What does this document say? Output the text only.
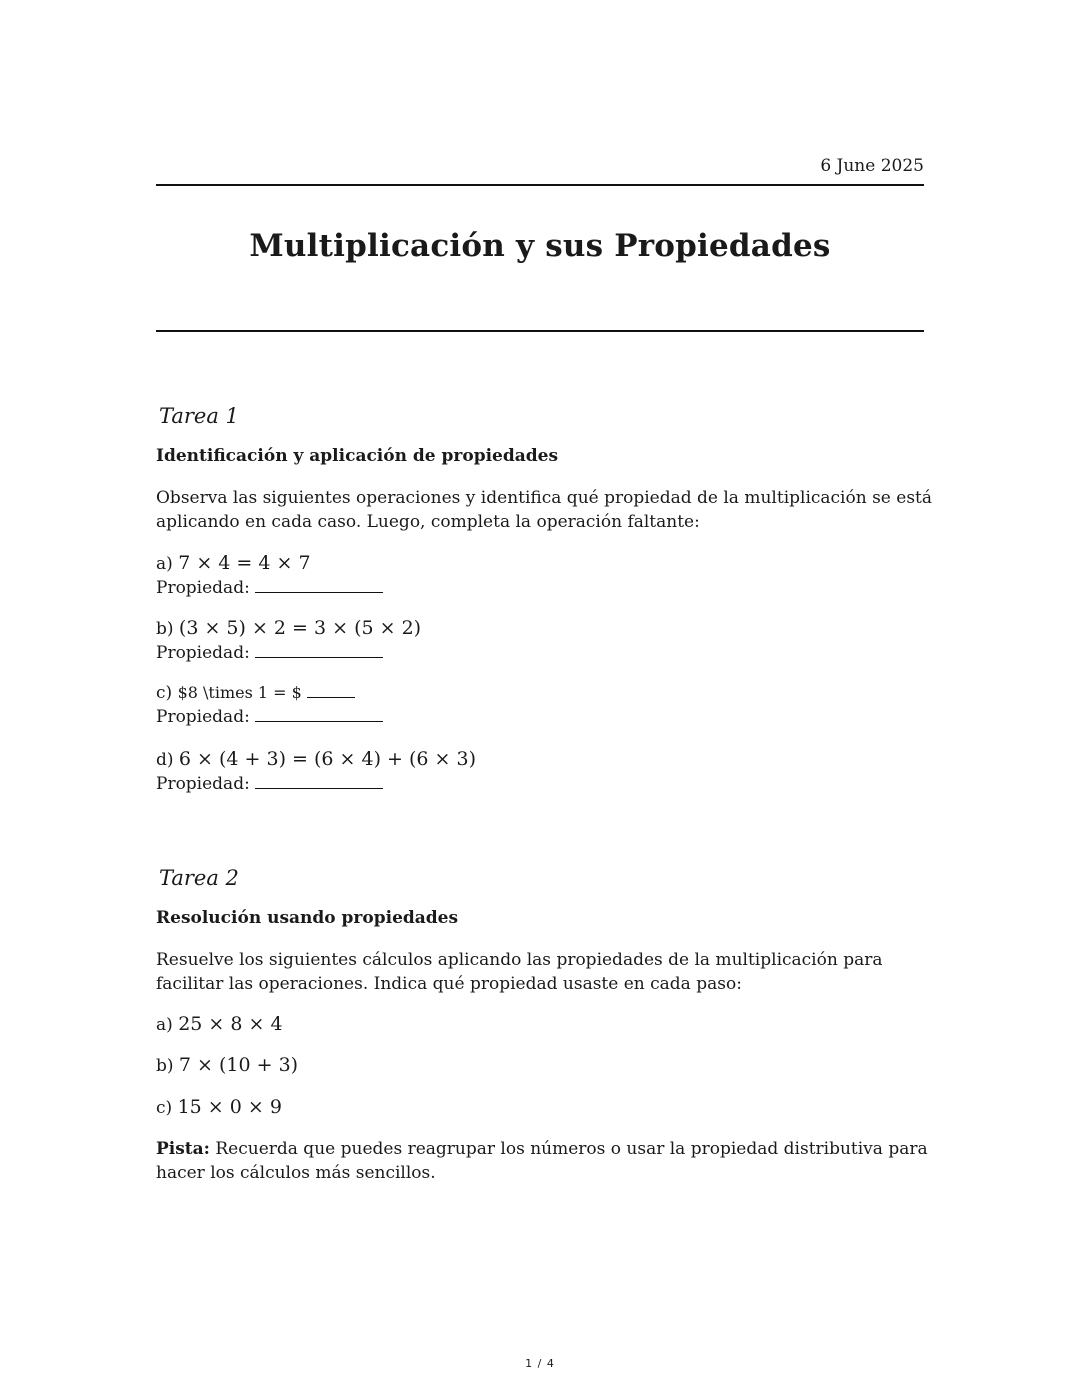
6 June 2025
Multiplicación y sus Propiedades
Tarea 1
Identificación y aplicación de propiedades
Observa las siguientes operaciones y identifica qué propiedad de la multiplicación se está
aplicando en cada caso. Luego, completa la operación faltante:
a) 7 × 4 = 4 × 7
Propiedad:
b) (3 × 5) × 2 = 3 × (5 × 2)
Propiedad:
c) $8 \times 1 = $
Propiedad:
d) 6 × (4 + 3) = (6 × 4) + (6 × 3)
Propiedad:
Tarea 2
Resolución usando propiedades
Resuelve los siguientes cálculos aplicando las propiedades de la multiplicación para
facilitar las operaciones. Indica qué propiedad usaste en cada paso:
a) 25 × 8 × 4
b) 7 × (10 + 3)
c) 15 × 0 × 9
Pista: Recuerda que puedes reagrupar los números o usar la propiedad distributiva para
hacer los cálculos más sencillos.
1 / 4
